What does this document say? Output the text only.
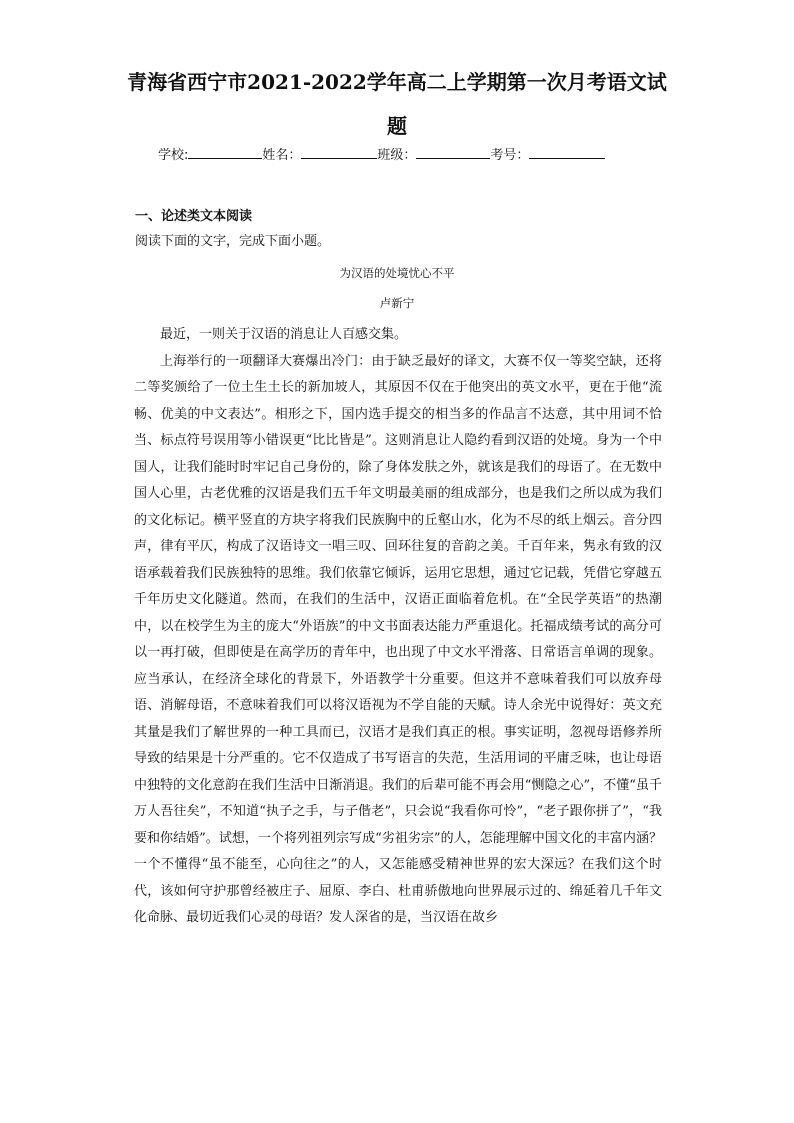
青海省西宁市2021-2022学年高二上学期第一次月考语文试
题
学校:	姓名：	班级：	考号：
一、论述类文本阅读
阅读下面的文字，完成下面小题。
为汉语的处境忧心不平
卢新宁

最近，一则关于汉语的消息让人百感交集。

上海举行的一项翻译大赛爆出冷门：由于缺乏最好的译文，大赛不仅一等奖空缺，还将二等奖颁给了一位土生土长的新加坡人，其原因不仅在于他突出的英文水平，更在于他“流畅、优美的中文表达”。相形之下，国内选手提交的相当多的作品言不达意，其中用词不恰当、标点符号误用等小错误更“比比皆是”。这则消息让人隐约看到汉语的处境。身为一个中国人，让我们能时时牢记自己身份的，除了身体发肤之外，就该是我们的母语了。在无数中国人心里，古老优雅的汉语是我们五千年文明最美丽的组成部分，也是我们之所以成为我们的文化标记。横平竖直的方块字将我们民族胸中的丘壑山水，化为不尽的纸上烟云。音分四声，律有平仄，构成了汉语诗文一唱三叹、回环往复的音韵之美。千百年来，隽永有致的汉语承载着我们民族独特的思维。我们依靠它倾诉，运用它思想，通过它记载，凭借它穿越五千年历史文化隧道。然而，在我们的生活中，汉语正面临着危机。在“全民学英语”的热潮中，以在校学生为主的庞大“外语族”的中文书面表达能力严重退化。托福成绩考试的高分可以一再打破，但即使是在高学历的青年中，也出现了中文水平滑落、日常语言单调的现象。应当承认，在经济全球化的背景下，外语教学十分重要。但这并不意味着我们可以放弃母语、消解母语，不意味着我们可以将汉语视为不学自能的天赋。诗人余光中说得好：英文充其量是我们了解世界的一种工具而已，汉语才是我们真正的根。事实证明，忽视母语修养所导致的结果是十分严重的。它不仅造成了书写语言的失范，生活用词的平庸乏味，也让母语中独特的文化意韵在我们生活中日渐消退。我们的后辈可能不再会用“恻隐之心”，不懂“虽千万人吾往矣”，不知道“执子之手，与子偕老”，只会说“我看你可怜”，“老子跟你拼了”，“我要和你结婚”。试想，一个将列祖列宗写成“劣祖劣宗”的人，怎能理解中国文化的丰富内涵？一个不懂得“虽不能至，心向往之”的人，又怎能感受精神世界的宏大深远？在我们这个时代，该如何守护那曾经被庄子、屈原、李白、杜甫骄傲地向世界展示过的、绵延着几千年文化命脉、最切近我们心灵的母语？发人深省的是，当汉语在故乡
